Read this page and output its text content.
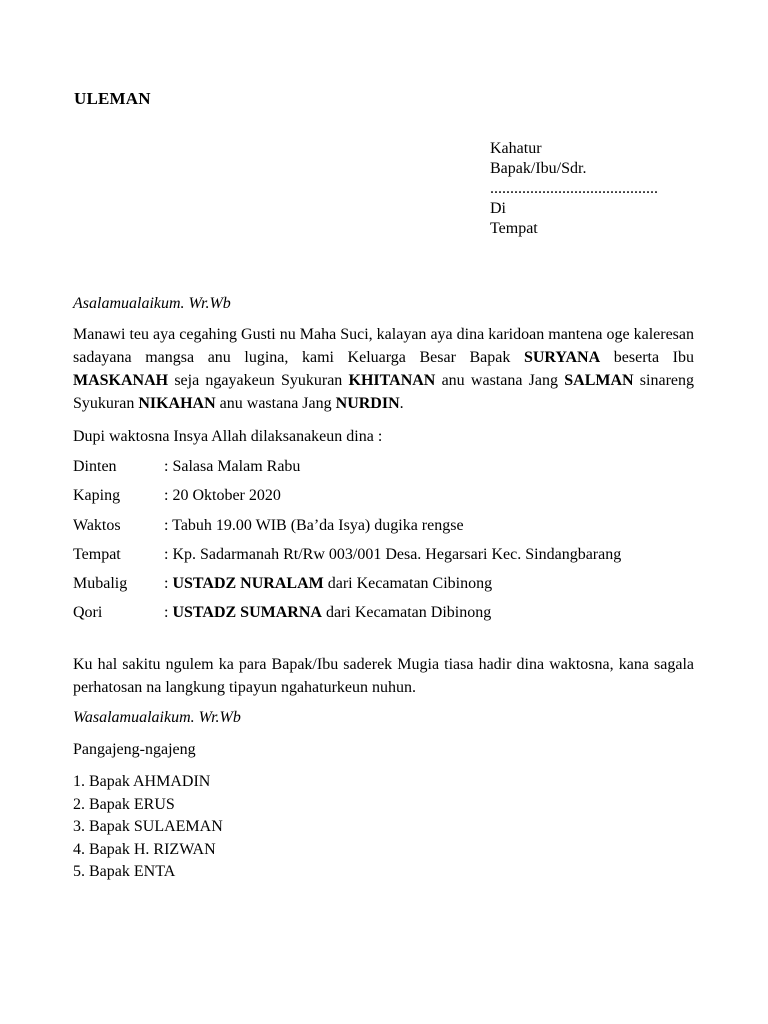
ULEMAN
Kahatur
Bapak/Ibu/Sdr.
..........................................
Di
Tempat
Asalamualaikum. Wr.Wb
Manawi teu aya cegahing Gusti nu Maha Suci, kalayan aya dina karidoan mantena oge kaleresan sadayana mangsa anu lugina, kami Keluarga Besar Bapak SURYANA beserta Ibu MASKANAH seja ngayakeun Syukuran KHITANAN anu wastana Jang SALMAN sinareng Syukuran NIKAHAN anu wastana Jang NURDIN.
Dupi waktosna Insya Allah dilaksanakeun dina :
Dinten	: Salasa Malam Rabu
Kaping	: 20 Oktober 2020
Waktos	: Tabuh 19.00 WIB (Ba’da Isya) dugika rengse
Tempat	: Kp. Sadarmanah Rt/Rw 003/001 Desa. Hegarsari Kec. Sindangbarang
Mubalig	: USTADZ NURALAM dari Kecamatan Cibinong
Qori	: USTADZ SUMARNA dari Kecamatan Dibinong
Ku hal sakitu ngulem ka para Bapak/Ibu saderek Mugia tiasa hadir dina waktosna, kana sagala perhatosan na langkung tipayun ngahaturkeun nuhun.
Wasalamualaikum. Wr.Wb
Pangajeng-ngajeng
1. Bapak AHMADIN
2. Bapak ERUS
3. Bapak SULAEMAN
4. Bapak H. RIZWAN
5. Bapak ENTA
